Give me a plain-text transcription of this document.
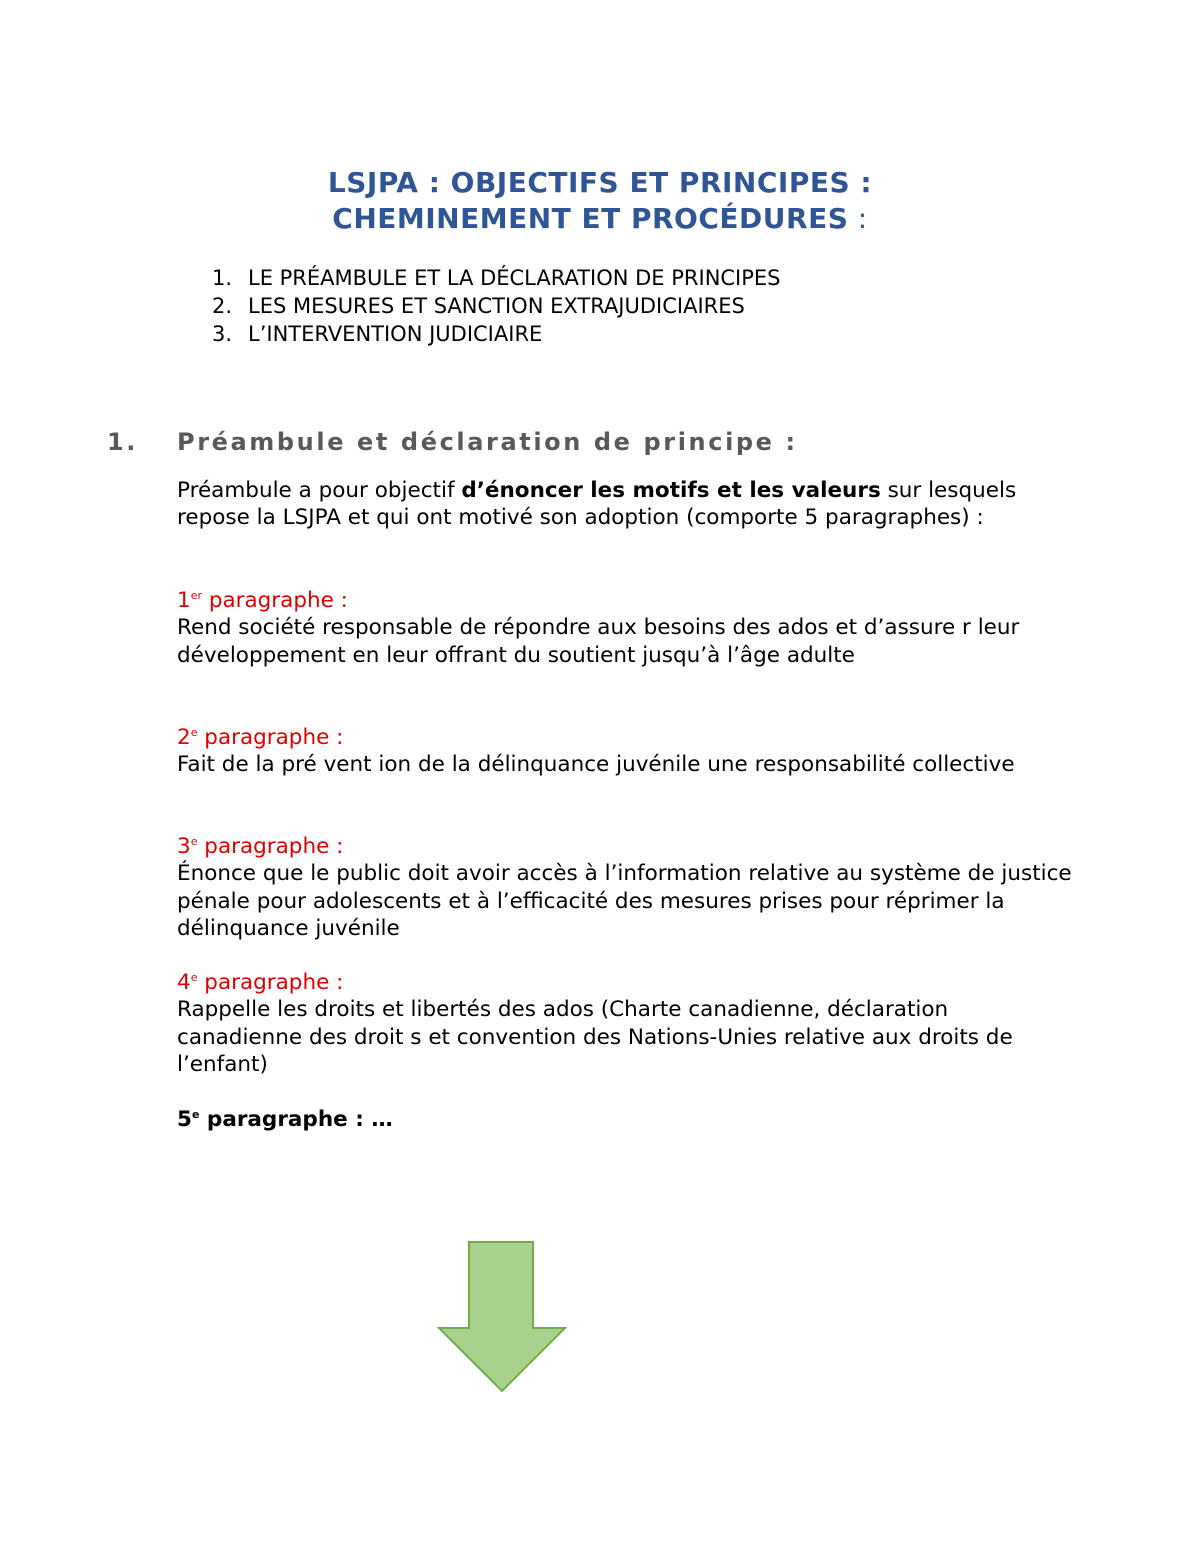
LSJPA : OBJECTIFS ET PRINCIPES :
CHEMINEMENT ET PROCÉDURES :
1. LE PRÉAMBULE ET LA DÉCLARATION DE PRINCIPES
2. LES MESURES ET SANCTION EXTRAJUDICIAIRES
3. L’INTERVENTION JUDICIAIRE
1. Préambule et déclaration de principe :
Préambule a pour objectif d’énoncer les motifs et les valeurs sur lesquels repose la LSJPA et qui ont motivé son adoption (comporte 5 paragraphes) :
1er paragraphe :
Rend société responsable de répondre aux besoins des ados et d’assure r leur développement en leur offrant du soutient jusqu’à l’âge adulte
2e paragraphe :
Fait de la pré vent ion de la délinquance juvénile une responsabilité collective
3e paragraphe :
Énonce que le public doit avoir accès à l’information relative au système de justice pénale pour adolescents et à l’efficacité des mesures prises pour réprimer la délinquance juvénile
4e paragraphe :
Rappelle les droits et libertés des ados (Charte canadienne, déclaration canadienne des droit s et convention des Nations-Unies relative aux droits de l’enfant)
5e paragraphe : …
